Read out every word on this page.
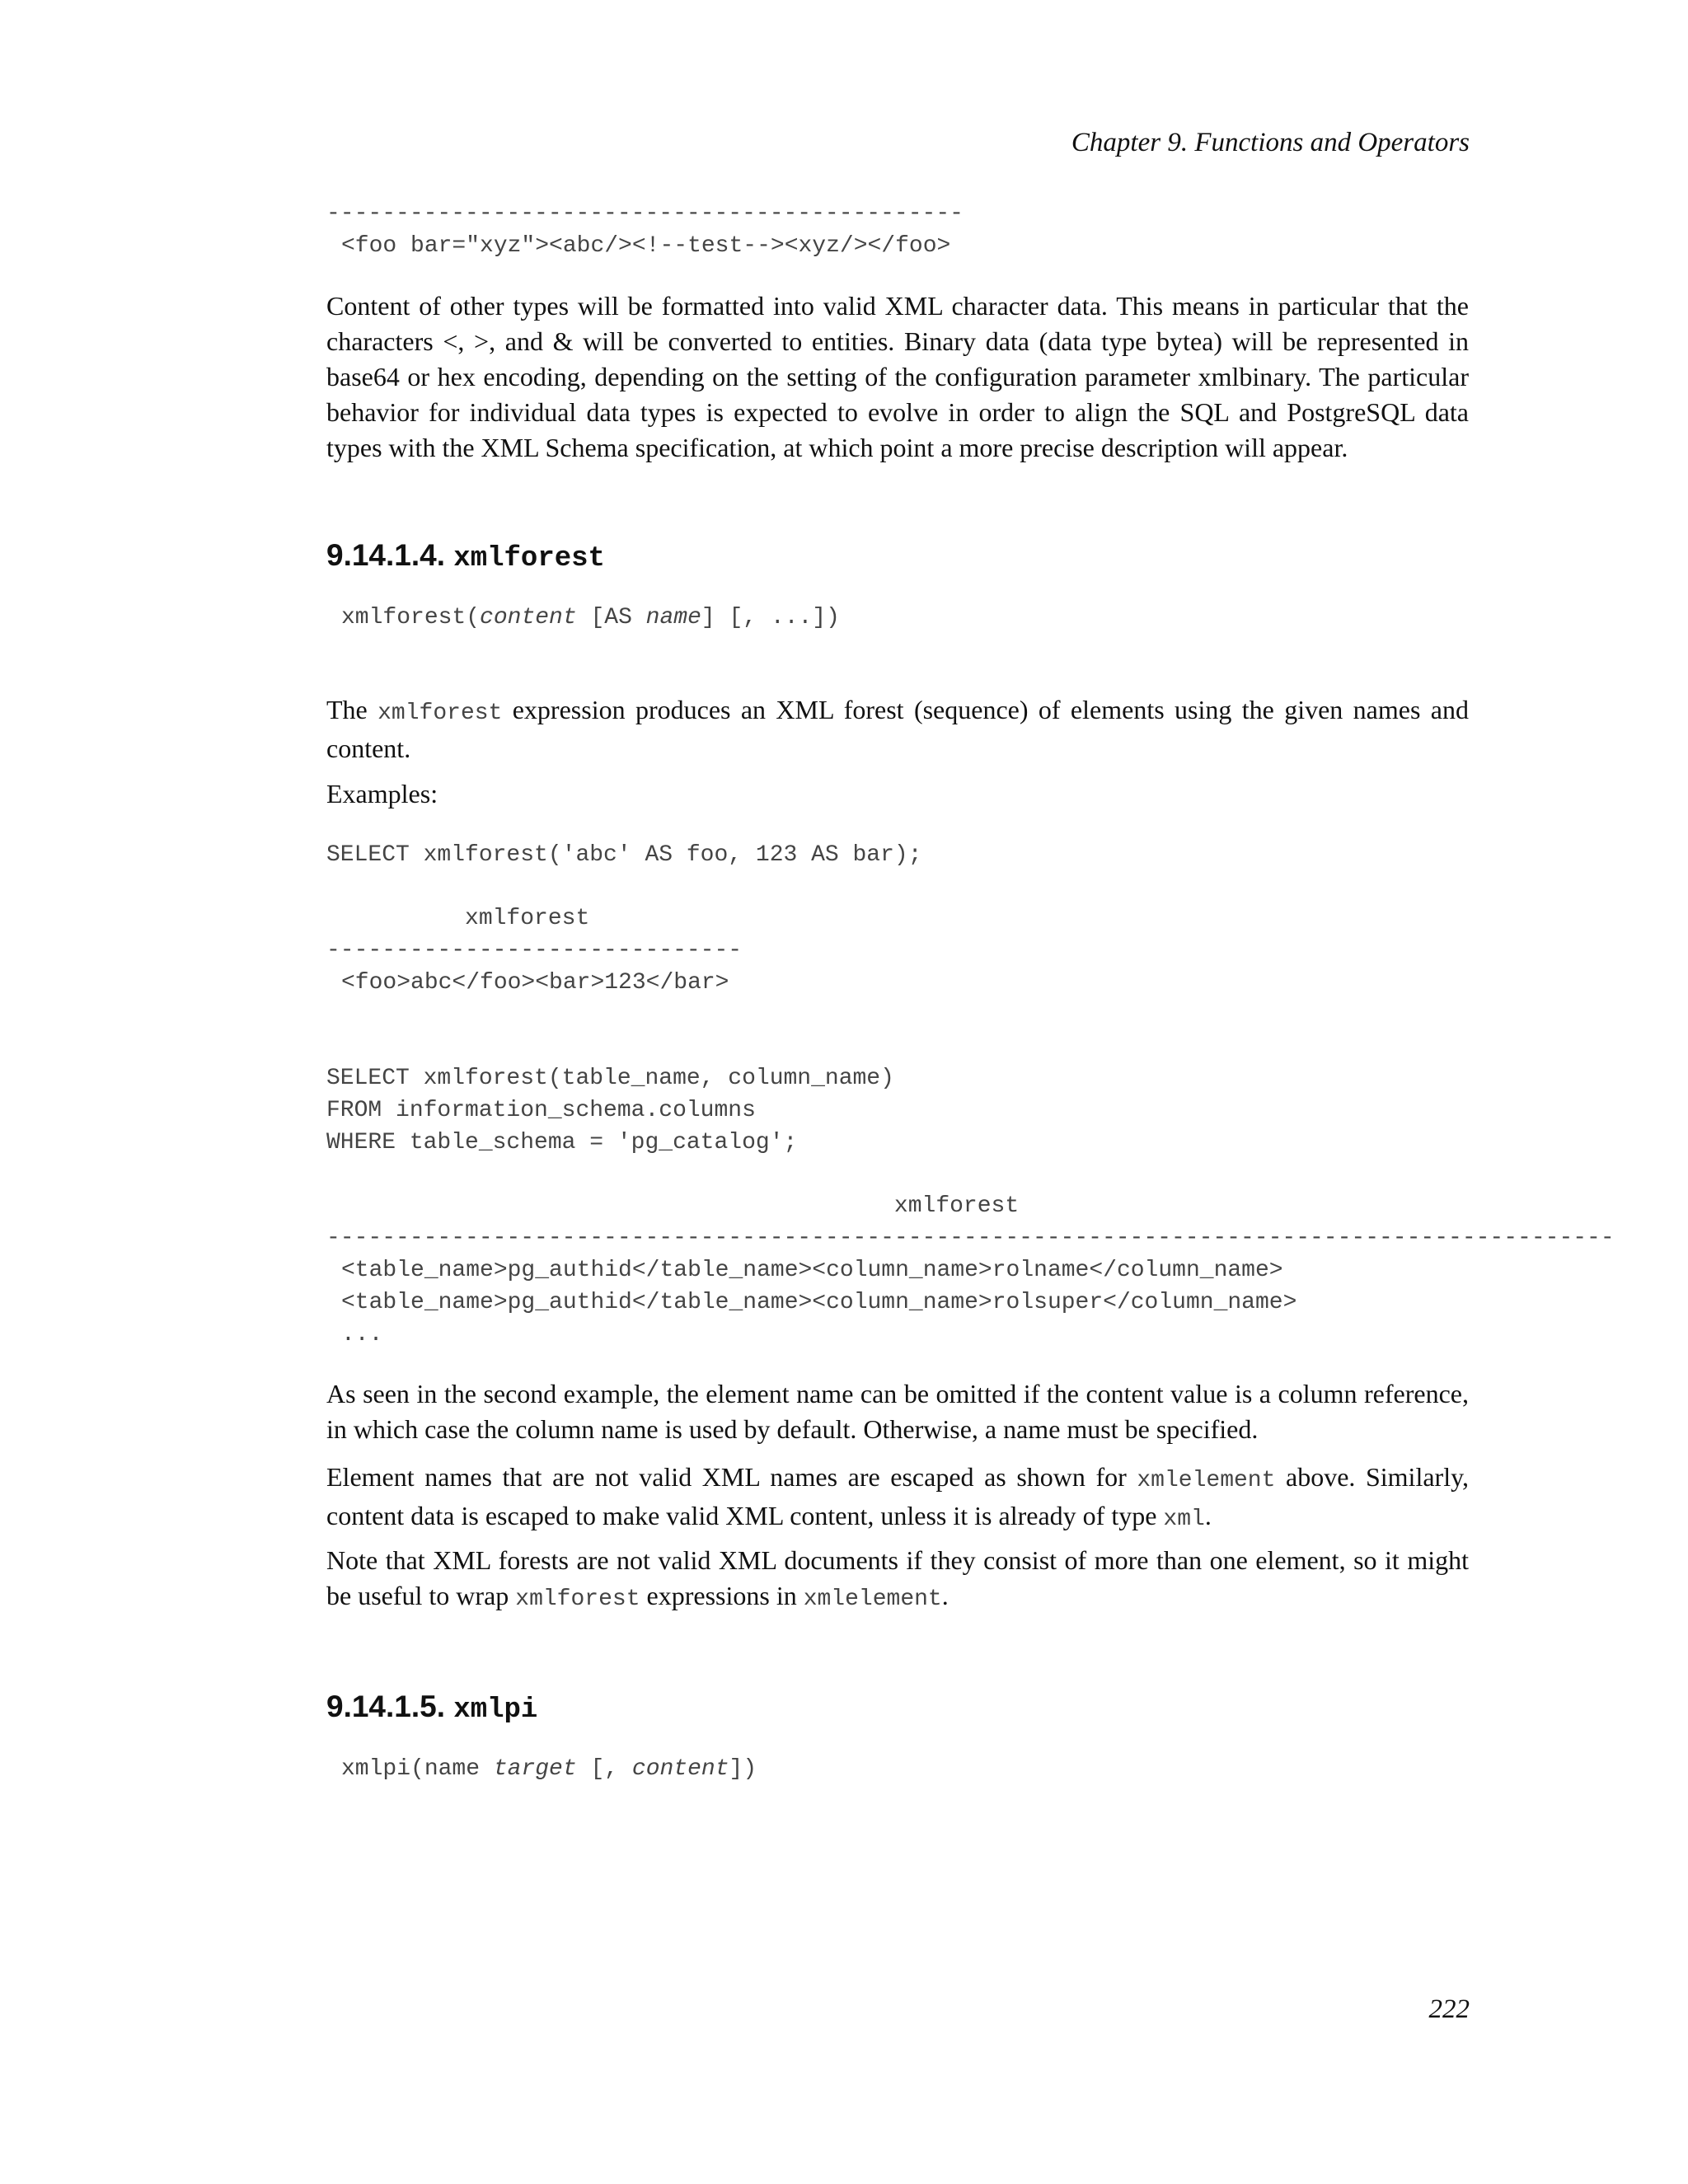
Chapter 9. Functions and Operators
----------------------------------------------
<foo bar="xyz"><abc/><!--test--><xyz/></foo>
Content of other types will be formatted into valid XML character data. This means in particular that the characters <, >, and & will be converted to entities. Binary data (data type bytea) will be represented in base64 or hex encoding, depending on the setting of the configuration parameter xmlbinary. The particular behavior for individual data types is expected to evolve in order to align the SQL and PostgreSQL data types with the XML Schema specification, at which point a more precise description will appear.
9.14.1.4. xmlforest
xmlforest(content [AS name] [, ...])
The xmlforest expression produces an XML forest (sequence) of elements using the given names and content.
Examples:
SELECT xmlforest('abc' AS foo, 123 AS bar);
xmlforest
------------------------------
<foo>abc</foo><bar>123</bar>
SELECT xmlforest(table_name, column_name)
FROM information_schema.columns
WHERE table_schema = 'pg_catalog';
xmlforest
---------------------------------------------------------------------------------------------
<table_name>pg_authid</table_name><column_name>rolname</column_name>
<table_name>pg_authid</table_name><column_name>rolsuper</column_name>
...
As seen in the second example, the element name can be omitted if the content value is a column reference, in which case the column name is used by default. Otherwise, a name must be specified.
Element names that are not valid XML names are escaped as shown for xmlelement above. Similarly, content data is escaped to make valid XML content, unless it is already of type xml.
Note that XML forests are not valid XML documents if they consist of more than one element, so it might be useful to wrap xmlforest expressions in xmlelement.
9.14.1.5. xmlpi
xmlpi(name target [, content])
222
